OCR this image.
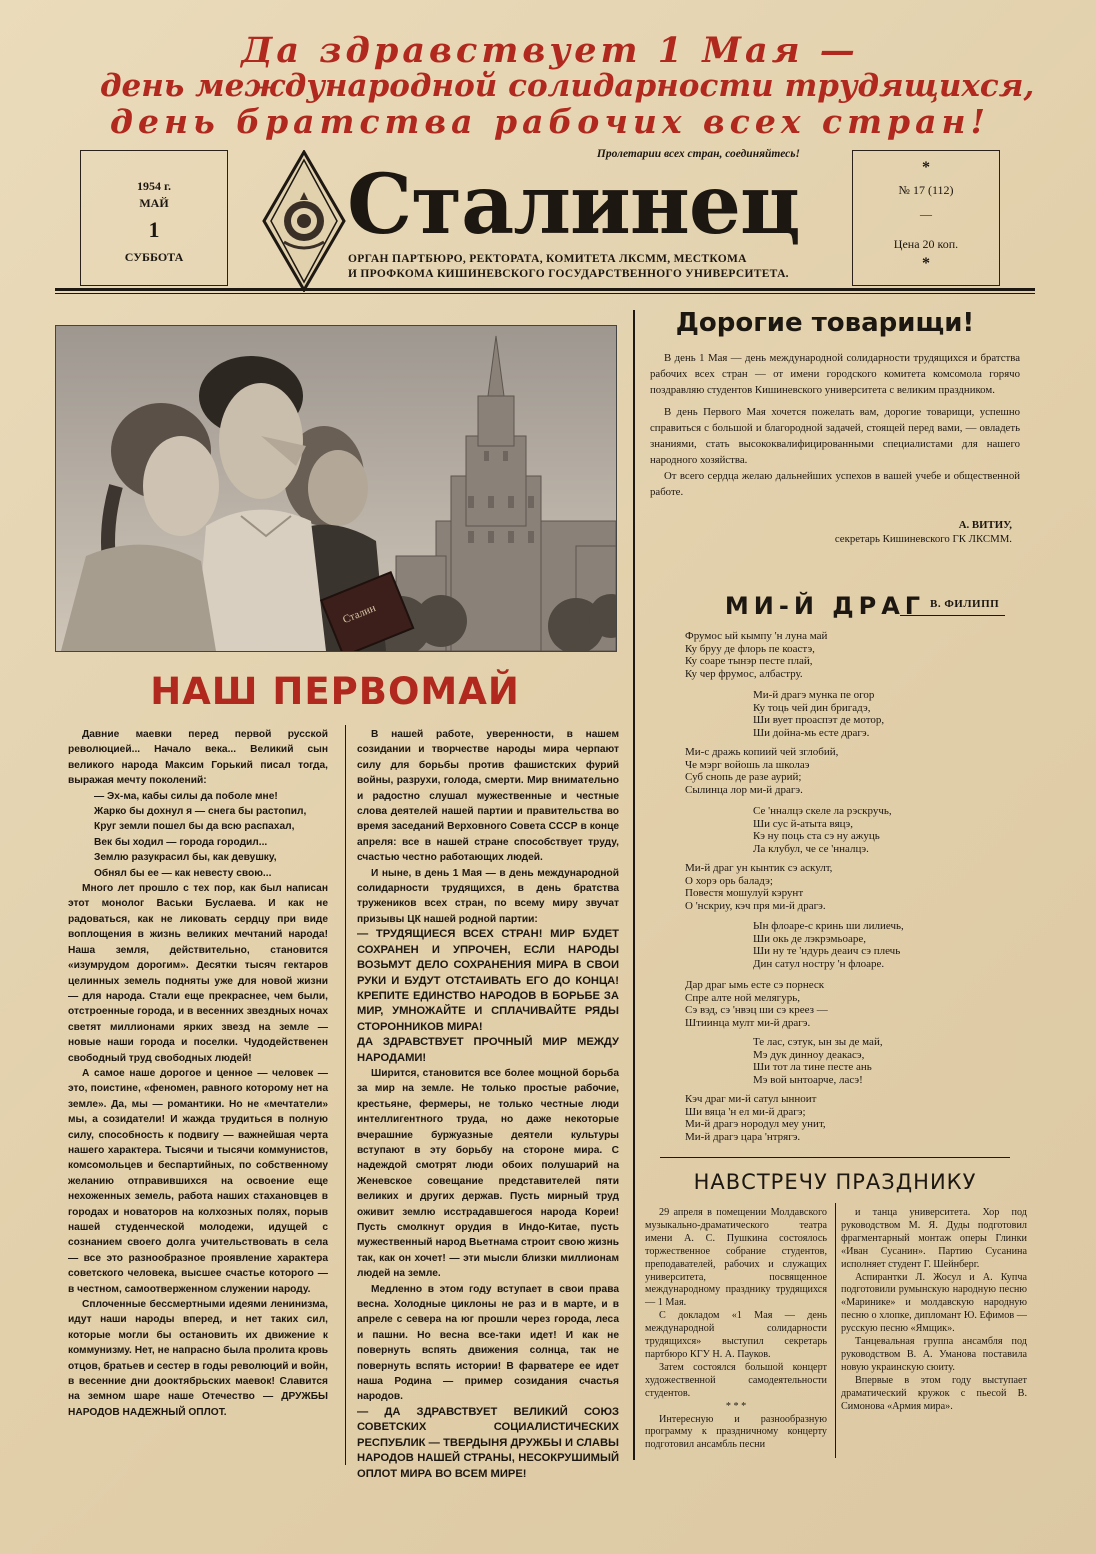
Да здравствует 1 Мая —
день международной солидарности трудящихся,
день братства рабочих всех стран!
1954 г.
МАЙ
1
СУББОТА
Пролетарии всех стран, соединяйтесь!
Сталинец
ОРГАН ПАРТБЮРО, РЕКТОРАТА, КОМИТЕТА ЛКСММ, МЕСТКОМА
И ПРОФКОМА КИШИНЕВСКОГО ГОСУДАРСТВЕННОГО УНИВЕРСИТЕТА.
*
№ 17 (112)
—
Цена 20 коп.
*
Сталин
НАШ ПЕРВОМАЙ

Давние маевки перед первой русской революцией... Начало века... Великий сын великого народа Максим Горький писал тогда, выражая мечту поколений:

— Эх-ма, кабы силы да поболе мне!

Жарко бы дохнул я — снега бы растопил,

Круг земли пошел бы да всю распахал,

Век бы ходил — города городил...

Землю разукрасил бы, как девушку,

Обнял бы ее — как невесту свою...

Много лет прошло с тех пор, как был написан этот монолог Васьки Буслаева. И как не радоваться, как не ликовать сердцу при виде воплощения в жизнь великих мечтаний народа! Наша земля, действительно, становится «изумрудом дорогим». Десятки тысяч гектаров целинных земель подняты уже для новой жизни — для народа. Стали еще прекраснее, чем были, отстроенные города, и в весенних звездных ночах светят миллионами ярких звезд на земле — новые наши города и поселки. Чудодейственен свободный труд свободных людей!

А самое наше дорогое и ценное — человек — это, поистине, «феномен, равного которому нет на земле». Да, мы — романтики. Но не «мечтатели» мы, а созидатели! И жажда трудиться в полную силу, способность к подвигу — важнейшая черта нашего характера. Тысячи и тысячи коммунистов, комсомольцев и беспартийных, по собственному желанию отправившихся на освоение еще нехоженных земель, работа наших стахановцев в городах и новаторов на колхозных полях, порыв нашей студенческой молодежи, идущей с сознанием своего долга учительствовать в села — все это разнообразное проявление характера советского человека, высшее счастье которого — в честном, самоотверженном служении народу.

Сплоченные бессмертными идеями ленинизма, идут наши народы вперед, и нет таких сил, которые могли бы остановить их движение к коммунизму. Нет, не напрасно была пролита кровь отцов, братьев и сестер в годы революций и войн, в весенние дни дооктябрьских маевок! Славится на земном шаре наше Отечество — ДРУЖБЫ НАРОДОВ НАДЕЖНЫЙ ОПЛОТ.

В нашей работе, уверенности, в нашем созидании и творчестве народы мира черпают силу для борьбы против фашистских фурий войны, разрухи, голода, смерти. Мир внимательно и радостно слушал мужественные и честные слова деятелей нашей партии и правительства во время заседаний Верховного Совета СССР в конце апреля: все в нашей стране способствует труду, счастью честно работающих людей.

И ныне, в день 1 Мая — в день международной солидарности трудящихся, в день братства тружеников всех стран, по всему миру звучат призывы ЦК нашей родной партии:

— ТРУДЯЩИЕСЯ ВСЕХ СТРАН! МИР БУДЕТ СОХРАНЕН И УПРОЧЕН, ЕСЛИ НАРОДЫ ВОЗЬМУТ ДЕЛО СОХРАНЕНИЯ МИРА В СВОИ РУКИ И БУДУТ ОТСТАИВАТЬ ЕГО ДО КОНЦА! КРЕПИТЕ ЕДИНСТВО НАРОДОВ В БОРЬБЕ ЗА МИР, УМНОЖАЙТЕ И СПЛАЧИВАЙТЕ РЯДЫ СТОРОННИКОВ МИРА!

ДА ЗДРАВСТВУЕТ ПРОЧНЫЙ МИР МЕЖДУ НАРОДАМИ!

Ширится, становится все более мощной борьба за мир на земле. Не только простые рабочие, крестьяне, фермеры, не только честные люди интеллигентного труда, но даже некоторые вчерашние буржуазные деятели культуры вступают в эту борьбу на стороне мира. С надеждой смотрят люди обоих полушарий на Женевское совещание представителей пяти великих и других держав. Пусть мирный труд оживит землю исстрадавшегося народа Кореи! Пусть смолкнут орудия в Индо-Китае, пусть мужественный народ Вьетнама строит свою жизнь так, как он хочет! — эти мысли близки миллионам людей на земле.

Медленно в этом году вступает в свои права весна. Холодные циклоны не раз и в марте, и в апреле с севера на юг прошли через города, леса и пашни. Но весна все-таки идет! И как не повернуть вспять движения солнца, так не повернуть вспять истории! В фарватере ее идет наша Родина — пример созидания счастья народов.

— ДА ЗДРАВСТВУЕТ ВЕЛИКИЙ СОЮЗ СОВЕТСКИХ СОЦИАЛИСТИЧЕСКИХ РЕСПУБЛИК — ТВЕРДЫНЯ ДРУЖБЫ И СЛАВЫ НАРОДОВ НАШЕЙ СТРАНЫ, НЕСОКРУШИМЫЙ ОПЛОТ МИРА ВО ВСЕМ МИРЕ!

Дорогие товарищи!

В день 1 Мая — день международной солидарности трудящихся и братства рабочих всех стран — от имени городского комитета комсомола горячо поздравляю студентов Кишиневского университета с великим праздником.

В день Первого Мая хочется пожелать вам, дорогие товарищи, успешно справиться с большой и благородной задачей, стоящей перед вами, — овладеть знаниями, стать высококвалифицированными специалистами для нашего народного хозяйства.

От всего сердца желаю дальнейших успехов в вашей учебе и общественной работе.

А. ВИТИУ,
секретарь Кишиневского ГК ЛКСММ.
В. ФИЛИПП
МИ-Й ДРАГ
Фрумос ый кымпу 'н луна май
Ку бруу де флорь пе коастэ,
Ку соаре тынэр песте плай,
Ку чер фрумос, албастру.
Ми-й драгэ мунка пе огор
Ку тоць чей дин бригадэ,
Ши вует проаспэт де мотор,
Ши дойна-мь есте драгэ.
Ми-с дражь копиий чей зглобий,
Че мэрг войошь ла школаэ
Суб снопь де разе аурий;
Сылинца лор ми-й драгэ.
Се 'нналцэ скеле ла рэскручь,
Ши сус й-атыта вяцэ,
Кэ ну поць ста сэ ну ажуць
Ла клубул, че се 'нналцэ.
Ми-й драг ун кынтик сэ аскулт,
О хорэ орь баладэ;
Повестя мошулуй кэрунт
О 'нскриу, кэч пря ми-й драгэ.
Ын флоаре-с кринь ши лилиечь,
Ши окь де лэкрэмьоаре,
Ши ну те 'ндурь деаич сэ плечь
Дин сатул ностру 'н флоаре.
Дар драг ымь есте сэ порнеск
Спре алте ной мелягурь,
Сэ вэд, сэ 'нвэц ши сэ креез —
Штиинца мулт ми-й драгэ.
Те лас, сэтук, ын зы де май,
Мэ дук диннoу деакаcэ,
Ши тот ла тине песте ань
Мэ вой ынтоарче, ласэ!
Кэч драг ми-й сатул ынноит
Ши вяца 'н ел ми-й драгэ;
Ми-й драгэ нородул меу унит,
Ми-й драгэ цара 'нтрягэ.
НАВСТРЕЧУ ПРАЗДНИКУ

29 апреля в помещении Молдавского музыкально-драматического театра имени А. С. Пушкина состоялось торжественное собрание студентов, преподавателей, рабочих и служащих университета, посвященное международному празднику трудящихся — 1 Мая.

С докладом «1 Мая — день международной солидарности трудящихся» выступил секретарь партбюро КГУ Н. А. Пауков.

Затем состоялся большой концерт художественной самодеятельности студентов.

* * *

Интересную и разнообразную программу к праздничному концерту подготовил ансамбль песни

и танца университета. Хор под руководством М. Я. Дуды подготовил фрагментарный монтаж оперы Глинки «Иван Сусанин». Партию Сусанина исполняет студент Г. Шейнберг.

Аспирантки Л. Жосул и А. Купча подготовили румынскую народную песню «Маринике» и молдавскую народную песню о хлопке, дипломант Ю. Ефимов — русскую песню «Ямщик».

Танцевальная группа ансамбля под руководством В. А. Умановa поставила новую украинскую сюиту.

Впервые в этом году выступает драматический кружок с пьесой В. Симонова «Армия мира».
